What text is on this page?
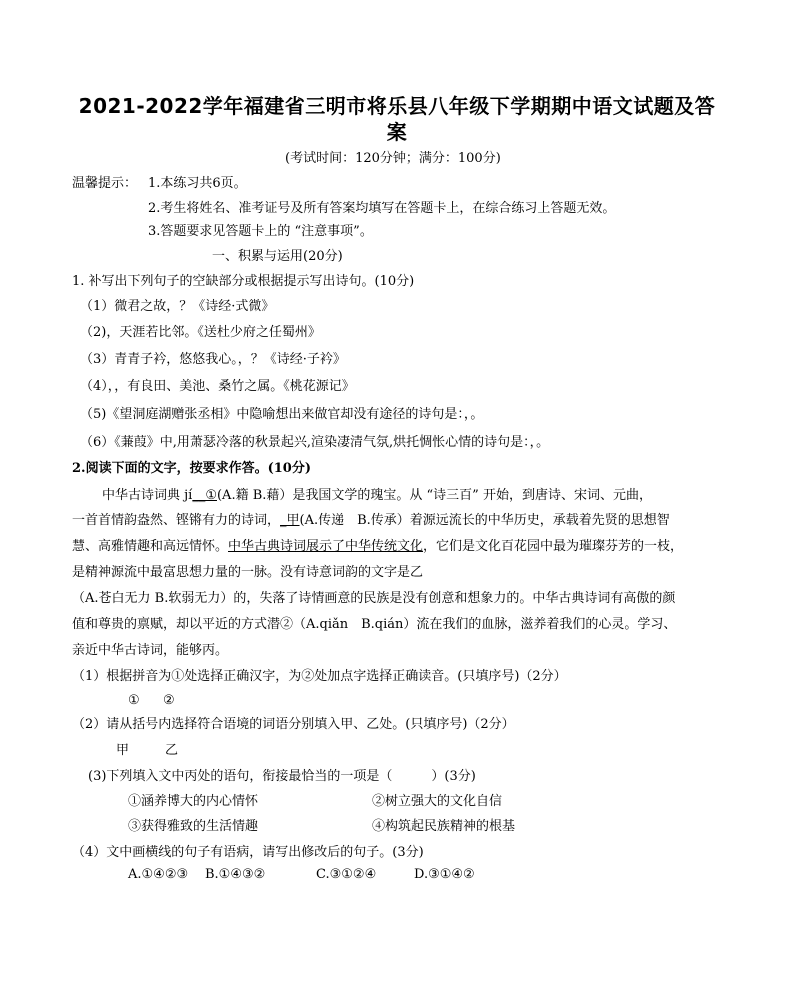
2021-2022学年福建省三明市将乐县八年级下学期期中语文试题及答
案
(考试时间：120分钟；满分：100分)
温馨提示： 1.本练习共6页。
2.考生将姓名、准考证号及所有答案均填写在答题卡上，在综合练习上答题无效。
3.答题要求见答题卡上的 “注意事项”。
一、积累与运用(20分)
1. 补写出下列句子的空缺部分或根据提示写出诗句。(10分)
（1）微君之故，？《诗经·式微》
（2)，天涯若比邻。《送杜少府之任蜀州》
（3）青青子衿，悠悠我心。，？《诗经·子衿》
（4），，有良田、美池、桑竹之属。《桃花源记》
（5)《望洞庭湖赠张丞相》中隐喻想出来做官却没有途径的诗句是：，。
（6）《蒹葭》中,用萧瑟冷落的秋景起兴,渲染凄清气氛,烘托惆怅心情的诗句是：，。
2.阅读下面的文字，按要求作答。(10分)
中华古诗词典 jí__①(A.籍 B.藉）是我国文学的瑰宝。从 “诗三百” 开始，到唐诗、宋词、元曲，
一首首情韵盎然、铿锵有力的诗词，_甲(A.传递　B.传承）着源远流长的中华历史，承载着先贤的思想智
慧、高雅情趣和高远情怀。中华古典诗词展示了中华传统文化，它们是文化百花园中最为璀璨芬芳的一枝，
是精神源流中最富思想力量的一脉。没有诗意词韵的文字是乙
（A.苍白无力 B.软弱无力）的，失落了诗情画意的民族是没有创意和想象力的。中华古典诗词有高傲的颜
值和尊贵的禀赋，却以平近的方式潜②（A.qiǎn　B.qián）流在我们的血脉，滋养着我们的心灵。学习、
亲近中华古诗词，能够丙。
（1）根据拼音为①处选择正确汉字，为②处加点字选择正确读音。(只填序号)（2分）
① ②
（2）请从括号内选择符合语境的词语分别填入甲、乙处。(只填序号)（2分）
甲	乙
(3)下列填入文中丙处的语句，衔接最恰当的一项是（　　　）(3分)
①涵养博大的内心情怀	②树立强大的文化自信
③获得雅致的生活情趣	④构筑起民族精神的根基
（4）文中画横线的句子有语病，请写出修改后的句子。(3分)
A.①④②③ B.①④③②	C.③①②④	D.③①④②
